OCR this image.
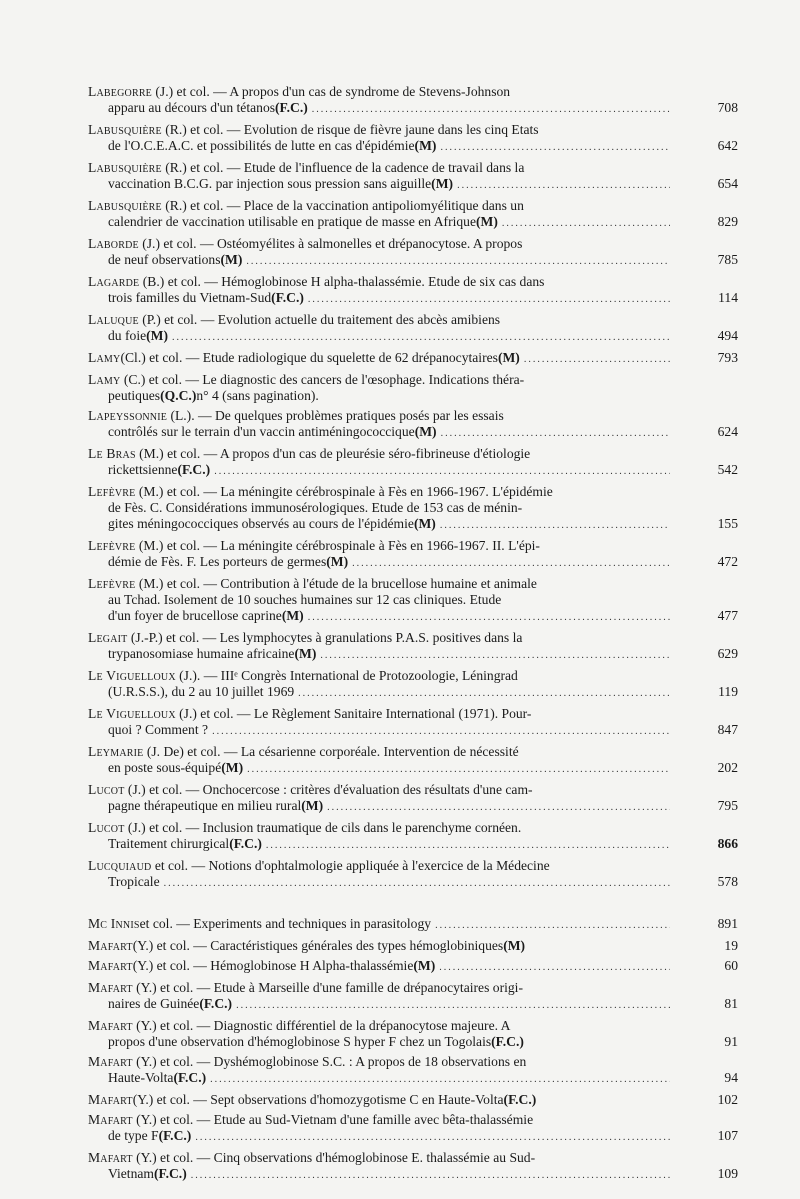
Labegorre (J.) et col. — A propos d'un cas de syndrome de Stevens-Johnson
apparu au décours d'un tétanos (F.C.) .....	708
Labusquière (R.) et col. — Evolution de risque de fièvre jaune dans les cinq Etats
de l'O.C.E.A.C. et possibilités de lutte en cas d'épidémie (M) .....	642
Labusquière (R.) et col. — Etude de l'influence de la cadence de travail dans la
vaccination B.C.G. par injection sous pression sans aiguille (M) .....	654
Labusquière (R.) et col. — Place de la vaccination antipoliomyélitique dans un
calendrier de vaccination utilisable en pratique de masse en Afrique (M) .....	829
Laborde (J.) et col. — Ostéomyélites à salmonelles et drépanocytose. A propos
de neuf observations (M) .....	785
Lagarde (B.) et col. — Hémoglobinose H alpha-thalassémie. Etude de six cas dans
trois familles du Vietnam-Sud (F.C.) .....	114
Laluque (P.) et col. — Evolution actuelle du traitement des abcès amibiens
du foie (M) .....	494
Lamy (Cl.) et col. — Etude radiologique du squelette de 62 drépanocytaires (M) .....	793
Lamy (C.) et col. — Le diagnostic des cancers de l'œsophage. Indications théra-
peutiques (Q.C.) n° 4 (sans pagination).
Lapeyssonnie (L.). — De quelques problèmes pratiques posés par les essais
contrôlés sur le terrain d'un vaccin antiméningococcique (M) .....	624
Le Bras (M.) et col. — A propos d'un cas de pleurésie séro-fibrineuse d'étiologie
rickettsienne (F.C.) .....	542
Lefèvre (M.) et col. — La méningite cérébrospinale à Fès en 1966-1967. L'épidémie
de Fès. C. Considérations immunosérologiques. Etude de 153 cas de ménin-
gites méningococciques observés au cours de l'épidémie (M) .....	155
Lefèvre (M.) et col. — La méningite cérébrospinale à Fès en 1966-1967. II. L'épi-
démie de Fès. F. Les porteurs de germes (M) .....	472
Lefèvre (M.) et col. — Contribution à l'étude de la brucellose humaine et animale
au Tchad. Isolement de 10 souches humaines sur 12 cas cliniques. Etude
d'un foyer de brucellose caprine (M) .....	477
Legait (J.-P.) et col. — Les lymphocytes à granulations P.A.S. positives dans la
trypanosomiase humaine africaine (M) .....	629
Le Viguelloux (J.). — IIIᵉ Congrès International de Protozoologie, Léningrad
(U.R.S.S.), du 2 au 10 juillet 1969 .....	119
Le Viguelloux (J.) et col. — Le Règlement Sanitaire International (1971). Pour-
quoi ? Comment ? .....	847
Leymarie (J. De) et col. — La césarienne corporéale. Intervention de nécessité
en poste sous-équipé (M) .....	202
Lucot (J.) et col. — Onchocercose : critères d'évaluation des résultats d'une cam-
pagne thérapeutique en milieu rural (M) .....	795
Lucot (J.) et col. — Inclusion traumatique de cils dans le parenchyme cornéen.
Traitement chirurgical (F.C.) .....	866
Lucquiaud et col. — Notions d'ophtalmologie appliquée à l'exercice de la Médecine
Tropicale .....	578
Mc Innis et col. — Experiments and techniques in parasitology .....	891
Mafart (Y.) et col. — Caractéristiques générales des types hémoglobiniques (M)	19
Mafart (Y.) et col. — Hémoglobinose H Alpha-thalassémie (M) .....	60
Mafart (Y.) et col. — Etude à Marseille d'une famille de drépanocytaires origi-
naires de Guinée (F.C.) .....	81
Mafart (Y.) et col. — Diagnostic différentiel de la drépanocytose majeure. A
propos d'une observation d'hémoglobinose S hyper F chez un Togolais (F.C.)	91
Mafart (Y.) et col. — Dyshémoglobinose S.C. : A propos de 18 observations en
Haute-Volta (F.C.) .....	94
Mafart (Y.) et col. — Sept observations d'homozygotisme C en Haute-Volta (F.C.)	102
Mafart (Y.) et col. — Etude au Sud-Vietnam d'une famille avec bêta-thalassémie
de type F (F.C.) .....	107
Mafart (Y.) et col. — Cinq observations d'hémoglobinose E. thalassémie au Sud-
Vietnam (F.C.) .....	109
